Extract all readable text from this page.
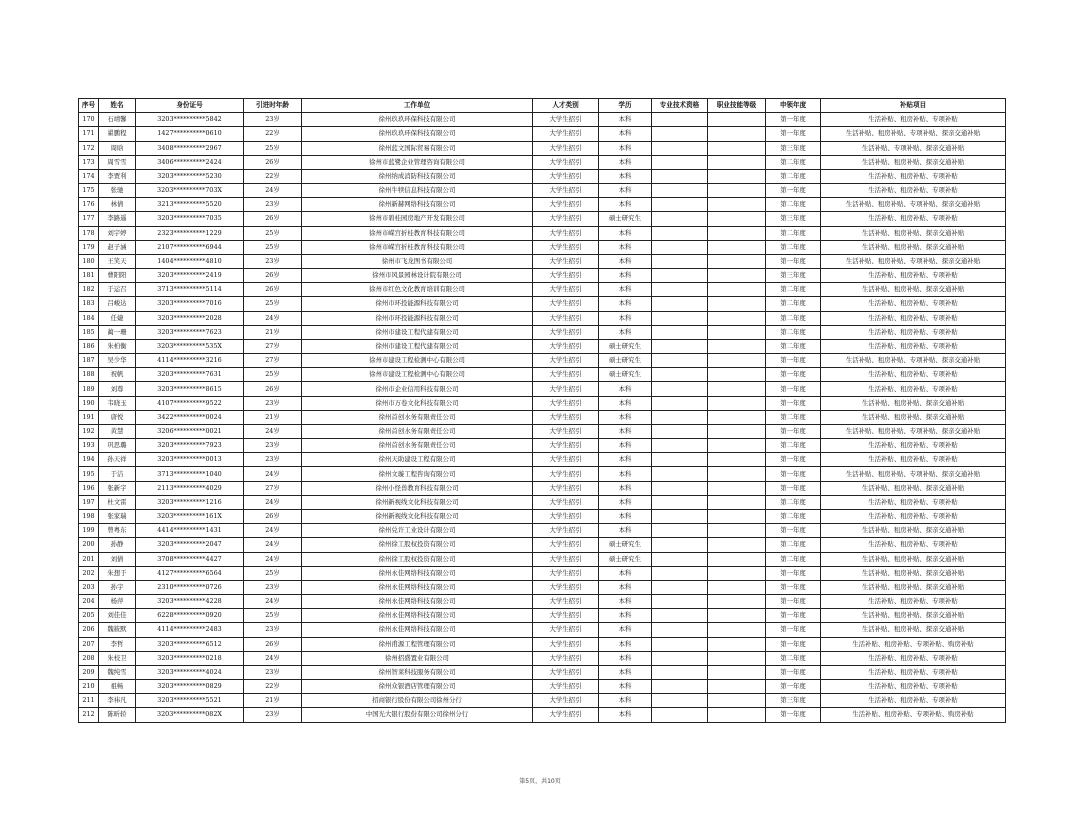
序号	姓名	身份证号	引进时年龄	工作单位	人才类别	学历	专业技术资格	职业技能等级	申领年度	补贴项目
170	石靖馨	3203**********5842	23岁	徐州玖玖环保科技有限公司	大学生招引	本科			第一年度	生活补贴、租房补贴、专项补贴
171	翟鹏程	1427**********0610	22岁	徐州玖玖环保科技有限公司	大学生招引	本科			第一年度	生活补贴、租房补贴、专项补贴、探亲交通补贴
172	周晗	3408**********2967	25岁	徐州蓝文国际贸易有限公司	大学生招引	本科			第三年度	生活补贴、专项补贴、探亲交通补贴
173	周雪雪	3406**********2424	26岁	徐州市蓝鹭企业管理咨询有限公司	大学生招引	本科			第二年度	生活补贴、租房补贴、探亲交通补贴
174	李贾利	3203**********5230	22岁	徐州纳成消防科技有限公司	大学生招引	本科			第二年度	生活补贴、租房补贴、专项补贴
175	张驰	3203**********703X	24岁	徐州牛犊信息科技有限公司	大学生招引	本科			第一年度	生活补贴、租房补贴、专项补贴
176	林倩	3213**********5520	23岁	徐州新赫网络科技有限公司	大学生招引	本科			第二年度	生活补贴、租房补贴、专项补贴、探亲交通补贴
177	李路遥	3203**********7035	26岁	徐州市碧桂园房地产开发有限公司	大学生招引	硕士研究生			第三年度	生活补贴、租房补贴、专项补贴
178	刘宇婷	2323**********1229	25岁	徐州市嵘宫折桂教育科技有限公司	大学生招引	本科			第二年度	生活补贴、租房补贴、探亲交通补贴
179	赵子涵	2107**********6944	25岁	徐州市嵘宫折桂教育科技有限公司	大学生招引	本科			第二年度	生活补贴、租房补贴、探亲交通补贴
180	王笑天	1404**********4810	23岁	徐州市飞龙图书有限公司	大学生招引	本科			第一年度	生活补贴、租房补贴、专项补贴、探亲交通补贴
181	曹阳阳	3203**********2419	26岁	徐州市风景园林设计院有限公司	大学生招引	本科			第三年度	生活补贴、租房补贴、专项补贴
182	于运召	3713**********5114	26岁	徐州市红色文化教育培训有限公司	大学生招引	本科			第二年度	生活补贴、租房补贴、探亲交通补贴
183	吕峻达	3203**********7016	25岁	徐州市环投能源科技有限公司	大学生招引	本科			第二年度	生活补贴、租房补贴、专项补贴
184	任婕	3203**********2028	24岁	徐州市环投能源科技有限公司	大学生招引	本科			第二年度	生活补贴、租房补贴、专项补贴
185	蔺一珊	3203**********7623	21岁	徐州市建设工程代建有限公司	大学生招引	本科			第二年度	生活补贴、租房补贴、专项补贴
186	朱柏衡	3203**********535X	27岁	徐州市建设工程代建有限公司	大学生招引	硕士研究生			第二年度	生活补贴、租房补贴、专项补贴
187	吴少华	4114**********3216	27岁	徐州市建设工程检测中心有限公司	大学生招引	硕士研究生			第一年度	生活补贴、租房补贴、专项补贴、探亲交通补贴
188	祝帆	3203**********7631	25岁	徐州市建设工程检测中心有限公司	大学生招引	硕士研究生			第一年度	生活补贴、租房补贴、专项补贴
189	刘尊	3203**********8615	26岁	徐州市企业信用科技有限公司	大学生招引	本科			第一年度	生活补贴、租房补贴、专项补贴
190	韦晓玉	4107**********9522	23岁	徐州市万卷文化科技有限公司	大学生招引	本科			第一年度	生活补贴、租房补贴、探亲交通补贴
191	唐悦	3422**********0024	21岁	徐州首创水务有限责任公司	大学生招引	本科			第二年度	生活补贴、租房补贴、探亲交通补贴
192	黄慧	3206**********0021	24岁	徐州首创水务有限责任公司	大学生招引	本科			第一年度	生活补贴、租房补贴、专项补贴、探亲交通补贴
193	巩思璐	3203**********7923	23岁	徐州首创水务有限责任公司	大学生招引	本科			第二年度	生活补贴、租房补贴、专项补贴
194	孙天祥	3203**********0013	23岁	徐州天助建设工程有限公司	大学生招引	本科			第一年度	生活补贴、租房补贴、专项补贴
195	于洁	3713**********1040	24岁	徐州文璇工程咨询有限公司	大学生招引	本科			第一年度	生活补贴、租房补贴、专项补贴、探亲交通补贴
196	张新宇	2113**********4029	27岁	徐州小怪兽教育科技有限公司	大学生招引	本科			第一年度	生活补贴、租房补贴、探亲交通补贴
197	杜文雷	3203**********1216	24岁	徐州新视线文化科技有限公司	大学生招引	本科			第二年度	生活补贴、租房补贴、专项补贴
198	张家瑞	3203**********161X	26岁	徐州新视线文化科技有限公司	大学生招引	本科			第二年度	生活补贴、租房补贴、专项补贴
199	曾粤东	4414**********1431	24岁	徐州兑许工业设计有限公司	大学生招引	本科			第一年度	生活补贴、租房补贴、探亲交通补贴
200	孙静	3203**********2047	24岁	徐州徐工股权投资有限公司	大学生招引	硕士研究生			第二年度	生活补贴、租房补贴、专项补贴
201	刘倩	3708**********4427	24岁	徐州徐工股权投资有限公司	大学生招引	硕士研究生			第二年度	生活补贴、租房补贴、探亲交通补贴
202	朱想于	4127**********6564	25岁	徐州永佳网络科技有限公司	大学生招引	本科			第一年度	生活补贴、租房补贴、探亲交通补贴
203	孙宇	2310**********0726	23岁	徐州永佳网络科技有限公司	大学生招引	本科			第一年度	生活补贴、租房补贴、探亲交通补贴
204	杨萍	3203**********4228	24岁	徐州永佳网络科技有限公司	大学生招引	本科			第一年度	生活补贴、租房补贴、专项补贴
205	刘佳佳	6228**********0920	25岁	徐州永佳网络科技有限公司	大学生招引	本科			第一年度	生活补贴、租房补贴、探亲交通补贴
206	魏筱默	4114**********2483	23岁	徐州永佳网络科技有限公司	大学生招引	本科			第一年度	生活补贴、租房补贴、探亲交通补贴
207	李哲	3203**********6512	26岁	徐州甫源工程管理有限公司	大学生招引	本科			第一年度	生活补贴、租房补贴、专项补贴、购房补贴
208	朱校卫	3203**********0218	24岁	徐州招盛置业有限公司	大学生招引	本科			第二年度	生活补贴、租房补贴、专项补贴
209	魏纯雪	3203**********4024	23岁	徐州智莱科技服务有限公司	大学生招引	本科			第一年度	生活补贴、租房补贴、专项补贴
210	祖畅	3203**********0829	22岁	徐州众银酒店管理有限公司	大学生招引	本科			第一年度	生活补贴、租房补贴、专项补贴
211	李祎凡	3203**********5521	21岁	招商银行股份有限公司徐州分行	大学生招引	本科			第三年度	生活补贴、租房补贴、专项补贴
212	陈昕轿	3203**********082X	23岁	中国光大银行股份有限公司徐州分行	大学生招引	本科			第一年度	生活补贴、租房补贴、专项补贴、购房补贴
第5页，共10页
